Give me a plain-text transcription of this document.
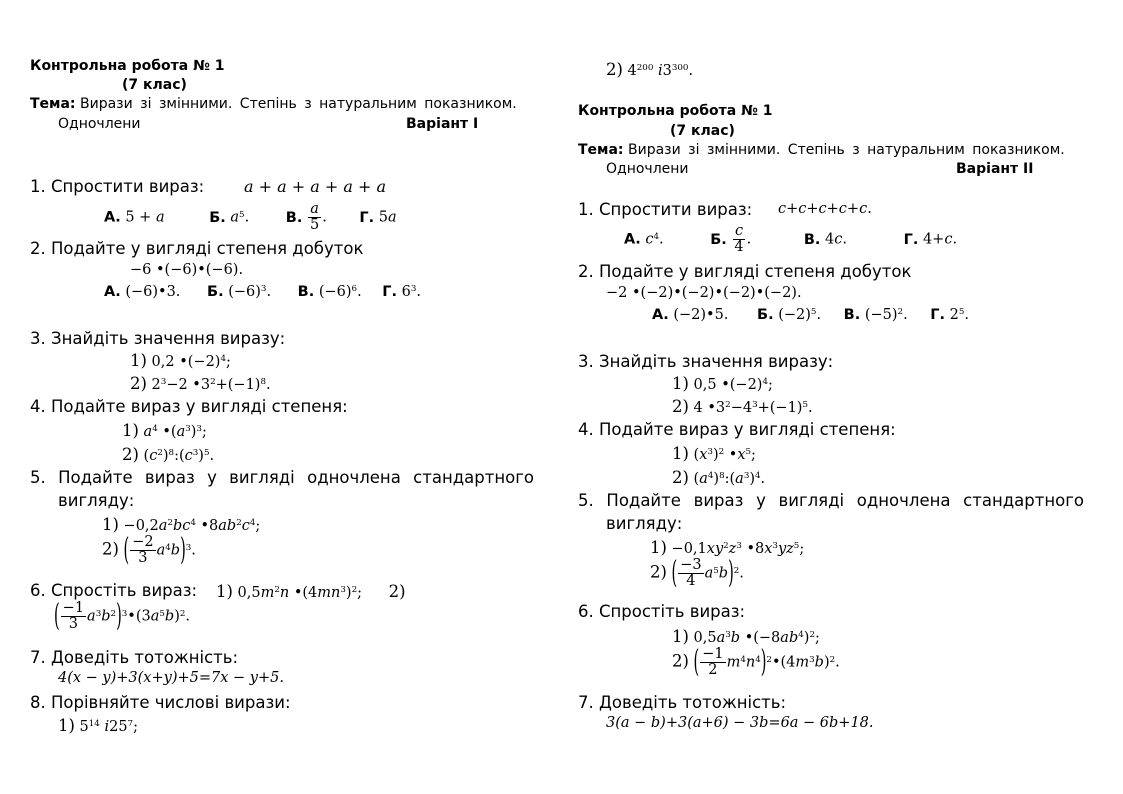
Контрольна робота № 1
(7 клас)
Тема: Вирази зі змінними. Степінь з натуральним показником.
Одночлени	Варіант І
1. Спростити вираз: a + a + a + a + a
А. 5 + a	Б. $a^5$. В. $\frac{a}{5}$ . Г. 5a
2. Подайте у вигляді степеня добуток
−6 •(−6)•(−6).
А. (−6)•3. Б. $(-6)^3$. В. $(-6)^6$. Г. $6^3$.
3. Знайдіть значення виразу:
1) 0,2 $•(-2)^4$;
2) $2^3-2$ $•3^2+(-1)^8$.
4. Подайте вираз у вигляді степеня:
1) $a^4$ $•(a^3)^3$;
2) $(c^2)^8:(c^3)^5$.
5. Подайте вираз у вигляді одночлена стандартного
вигляду:
$1) -0,2a^2bc^4$ $•8ab^2c^4$;
2) ( $\frac{-2}{3} a^4b)^3$.
6. Спростіть вираз: 1) $0,5m^2n$ $•(4mn^3)^2$; 2)
( $\frac{-1}{3}$ $a^3b^2)^3•(3a^5b)^2$.
7. Доведіть тотожність:
4(x − y)+3(x+y)+5=7x − y+5.
8. Порівняйте числові вирази:
1) $5^{14}$ $і25^7$;
2) $4^{200}$ $і3^{300}$.
Контрольна робота № 1
(7 клас)
Тема: Вирази зі змінними. Степінь з натуральним показником.
Одночлени	Варіант ІІ
1. Спростити вираз: c+c+c+c+c.
А. $c^4$.	Б. $\frac{c}{4}$ .	В. 4c.	Г. 4+c.
2. Подайте у вигляді степеня добуток
−2 •(−2)•(−2)•(−2)•(−2).
А. (−2)•5. Б. $(-2)^5$. В. $(-5)^2$. Г. $2^5$.
3. Знайдіть значення виразу:
1) 0,5 $•(-2)^4$;
2) 4 $•3^2-4^3+(-1)^5$.
4. Подайте вираз у вигляді степеня:
1) $(x^3)^2$ $•x^5$;
2) $(a^4)^8:(a^3)^4$.
5. Подайте вираз у вигляді одночлена стандартного
вигляду:
$1) -0,1xy^2z^3$ $•8x^3yz^5$;
2) ( $\frac{-3}{4} a^5b)^2$.
6. Спростіть вираз:
1) $0,5a^3b$ $•(-8ab^4)^2$;
2) ( $\frac{-1}{2}$ $m^4n^4)^2•(4m^3b)^2$.
7. Доведіть тотожність:
3(a − b)+3(a+6) − 3b=6a − 6b+18.
